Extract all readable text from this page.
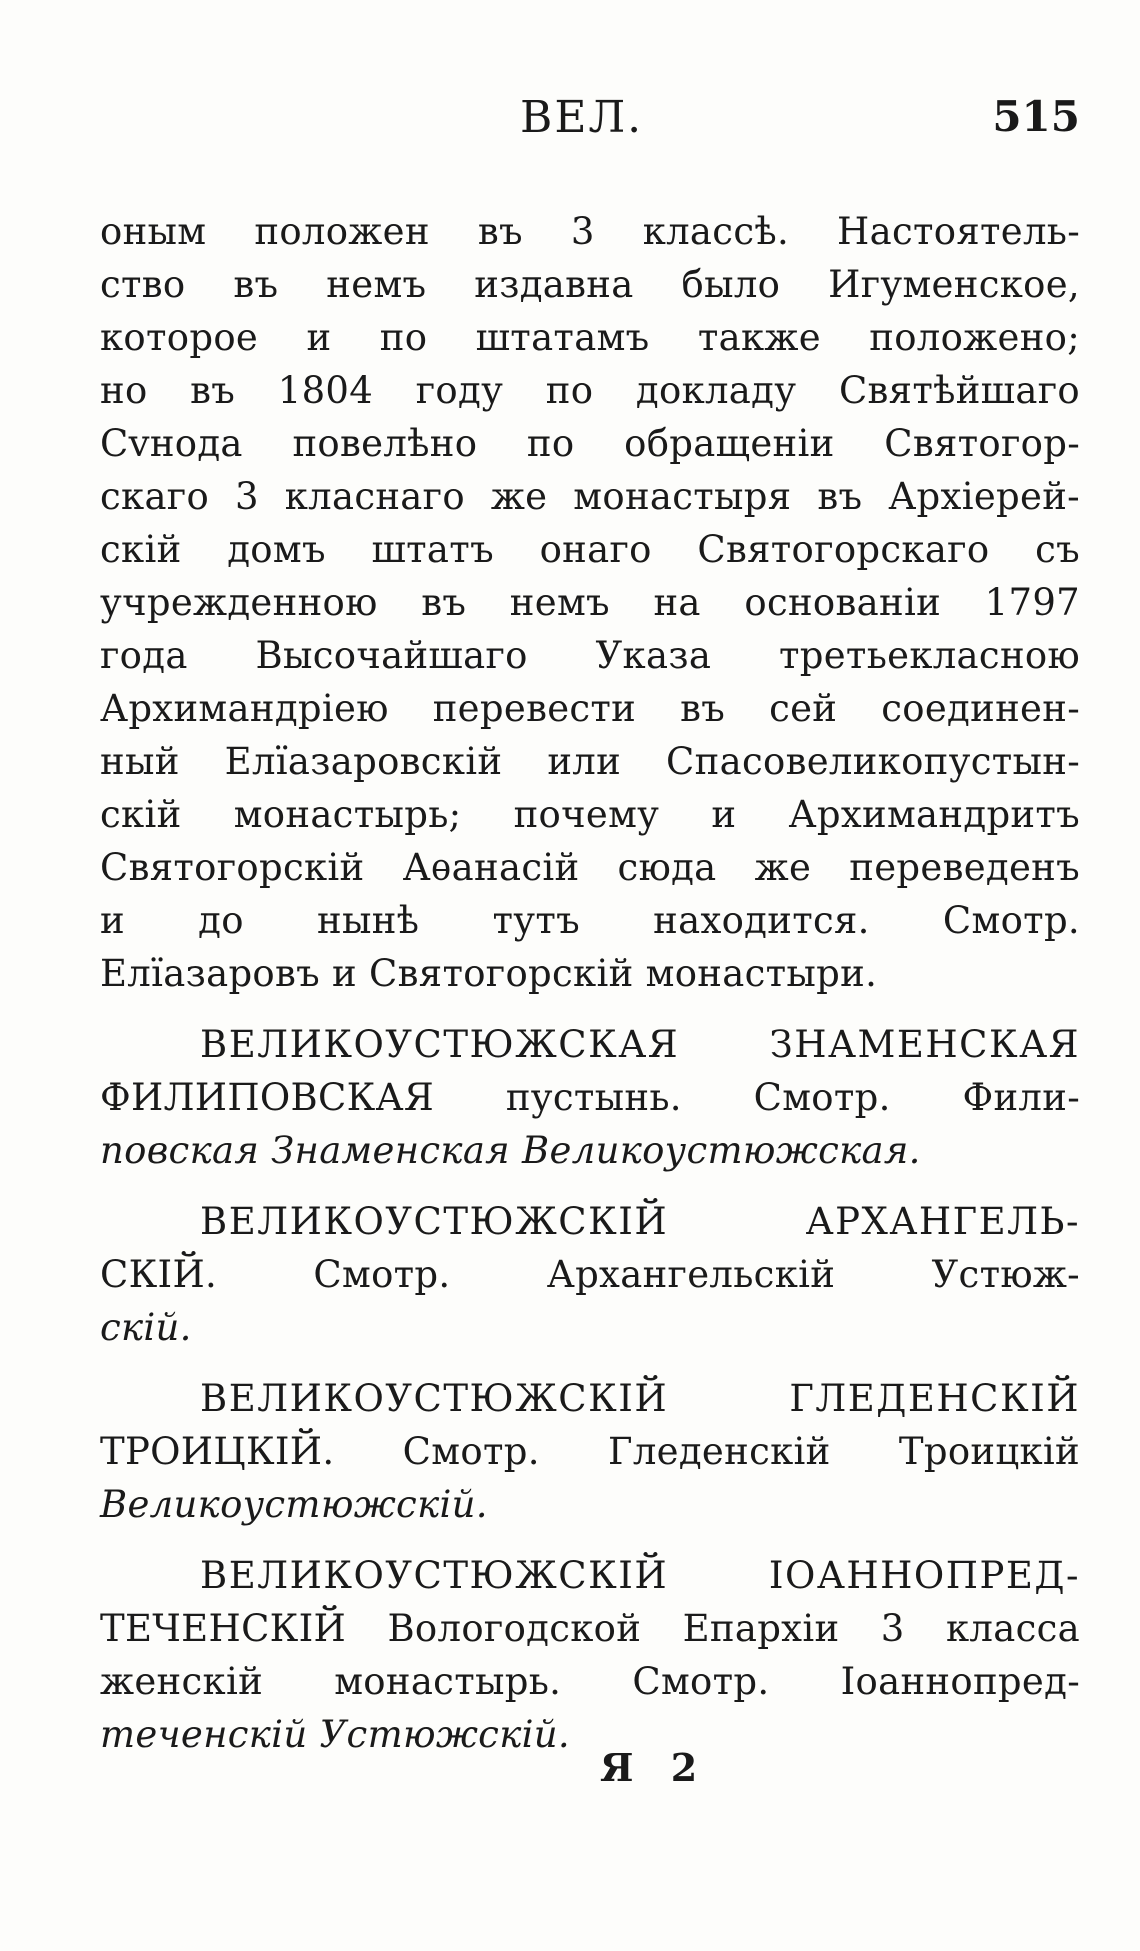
ВЕЛ.	515
оным положен въ 3 классѣ. Настоятель-
ство въ немъ издавна было Игуменское,
которое и по штатамъ также положено;
но въ 1804 году по докладу Святѣйшаго
Сvнода повелѣно по обращеніи Святогор-
скаго 3 класнаго же монастыря въ Архіерей-
скій домъ штатъ онаго Святогорскаго съ
учрежденною въ немъ на основаніи 1797
года Высочайшаго Указа третьекласною
Архимандріею перевести въ сей соединен-
ный Елїазаровскій или Спасовеликопустын-
скій монастырь; почему и Архимандритъ
Святогорскій Аѳанасій сюда же переведенъ
и до нынѣ тутъ находится. Смотр.
Елїазаровъ и Святогорскій монастыри.
ВЕЛИКОУСТЮЖСКАЯ ЗНАМЕНСКАЯ
ФИЛИПОВСКАЯ пустынь. Смотр. Фили-
повская Знаменская Великоустюжская.
ВЕЛИКОУСТЮЖСКІЙ АРХАНГЕЛЬ-
СКІЙ. Смотр. Архангельскій Устюж-
скій.
ВЕЛИКОУСТЮЖСКІЙ ГЛЕДЕНСКІЙ
ТРОИЦКІЙ. Смотр. Гледенскій Троицкій
Великоустюжскій.
ВЕЛИКОУСТЮЖСКІЙ ІОАННОПРЕД-
ТЕЧЕНСКІЙ Вологодской Епархіи 3 класса
женскій монастырь. Смотр. Іоаннопред-
теченскій Устюжскій.
Я 2
